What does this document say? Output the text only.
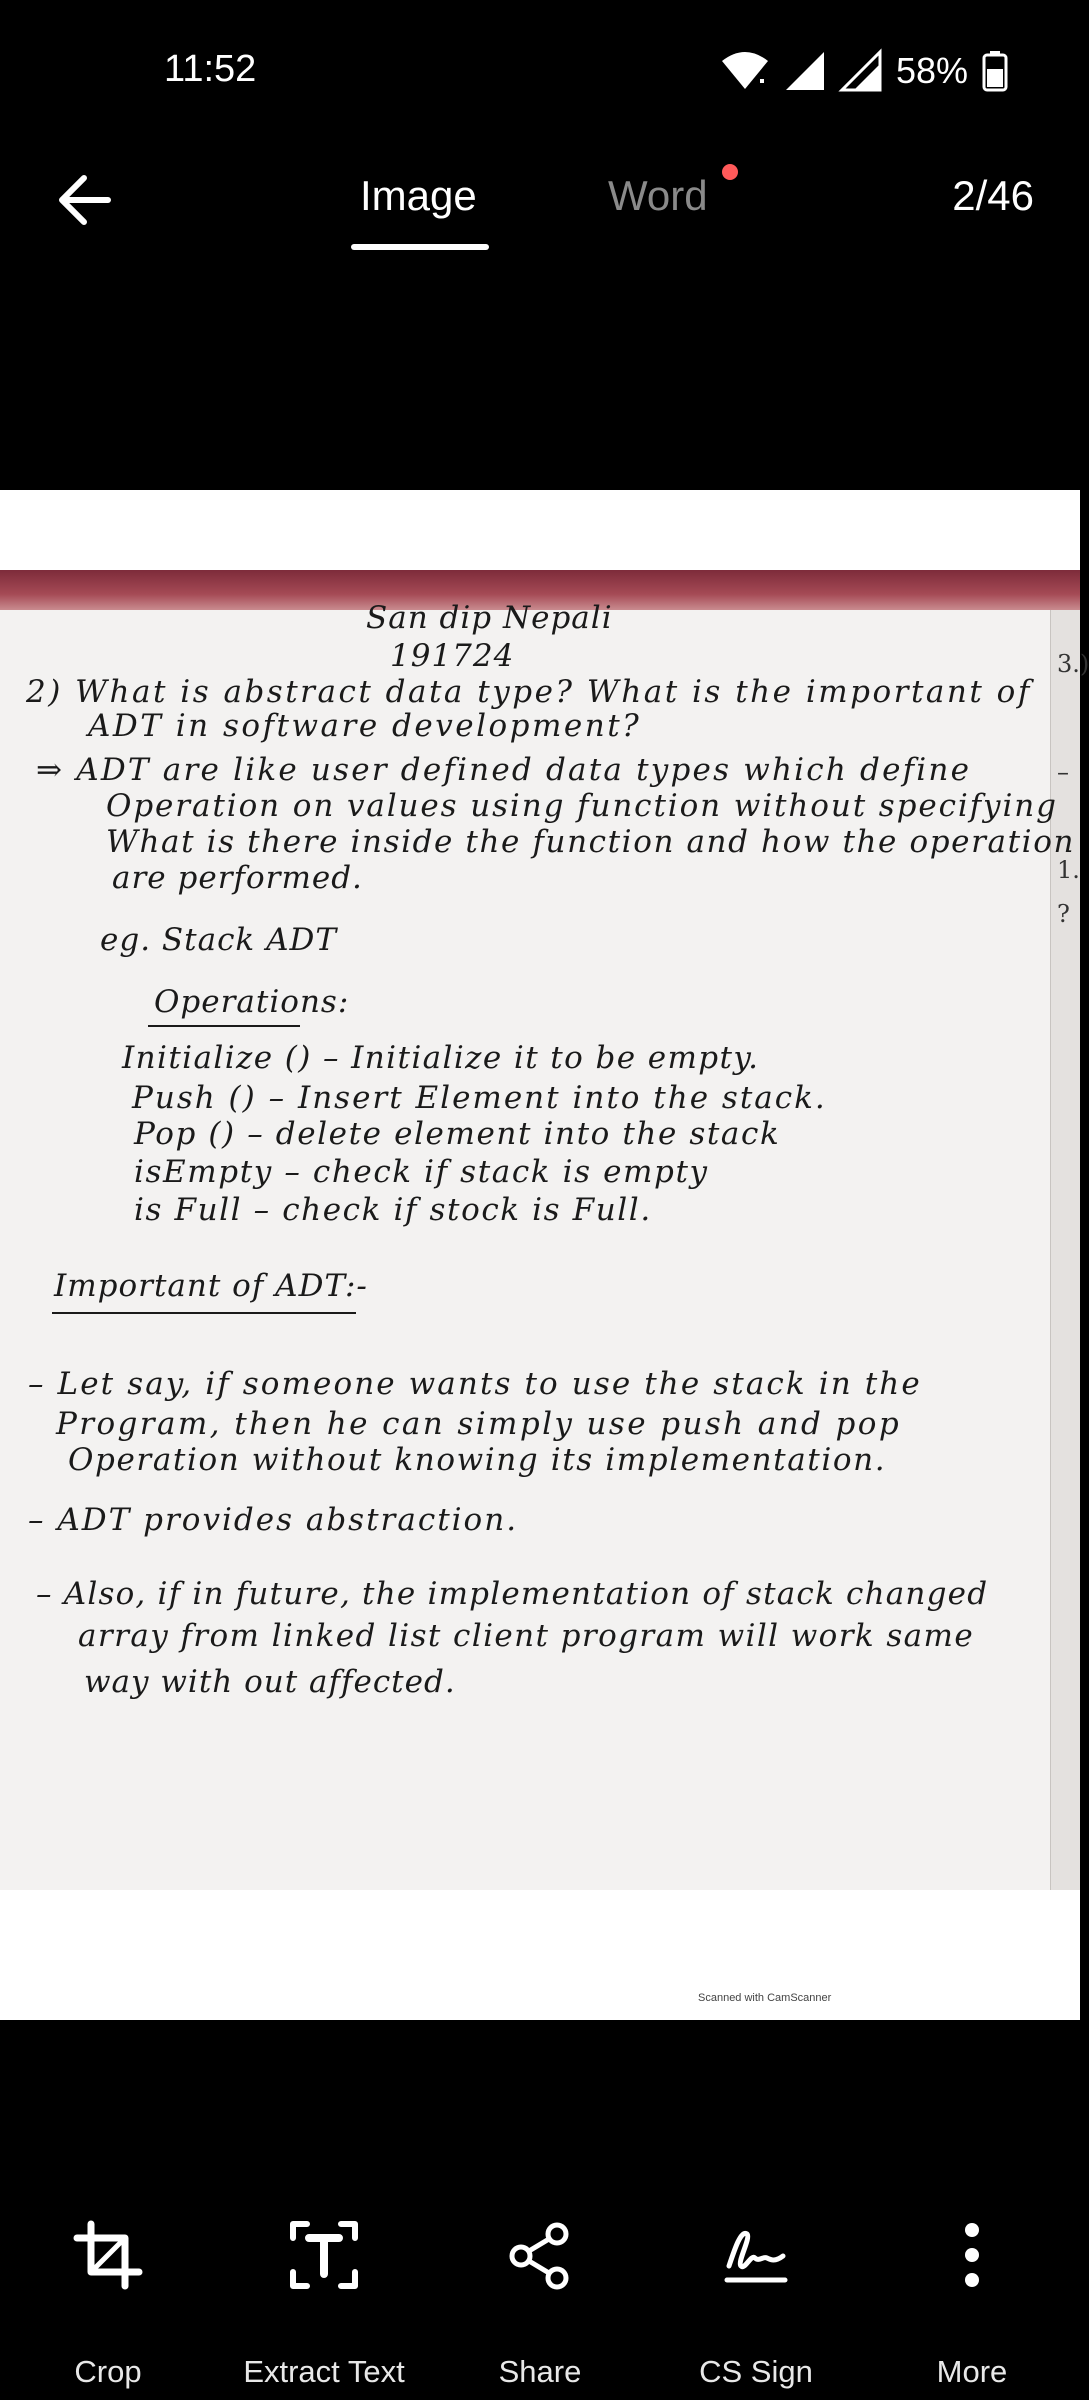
11:52	58%
Image	Word	2/46
3.)
–
1.
?
San dip Nepali
191724
2) What is abstract data type? What is the important of
ADT in software development?
⇒ ADT are like user defined data types which define
Operation on values using function without specifying
What is there inside the function and how the operation
are performed.
eg. Stack ADT
Operations:
Initialize () – Initialize it to be empty.
Push () – Insert Element into the stack.
Pop () – delete element into the stack
isEmpty – check if stack is empty
is Full – check if stock is Full.
Important of ADT:-
– Let say, if someone wants to use the stack in the
Program, then he can simply use push and pop
Operation without knowing its implementation.
– ADT provides abstraction.
– Also, if in future, the implementation of stack changed
array from linked list client program will work same
way with out affected.
Scanned with CamScanner
Crop	Extract Text	Share	CS Sign	More
